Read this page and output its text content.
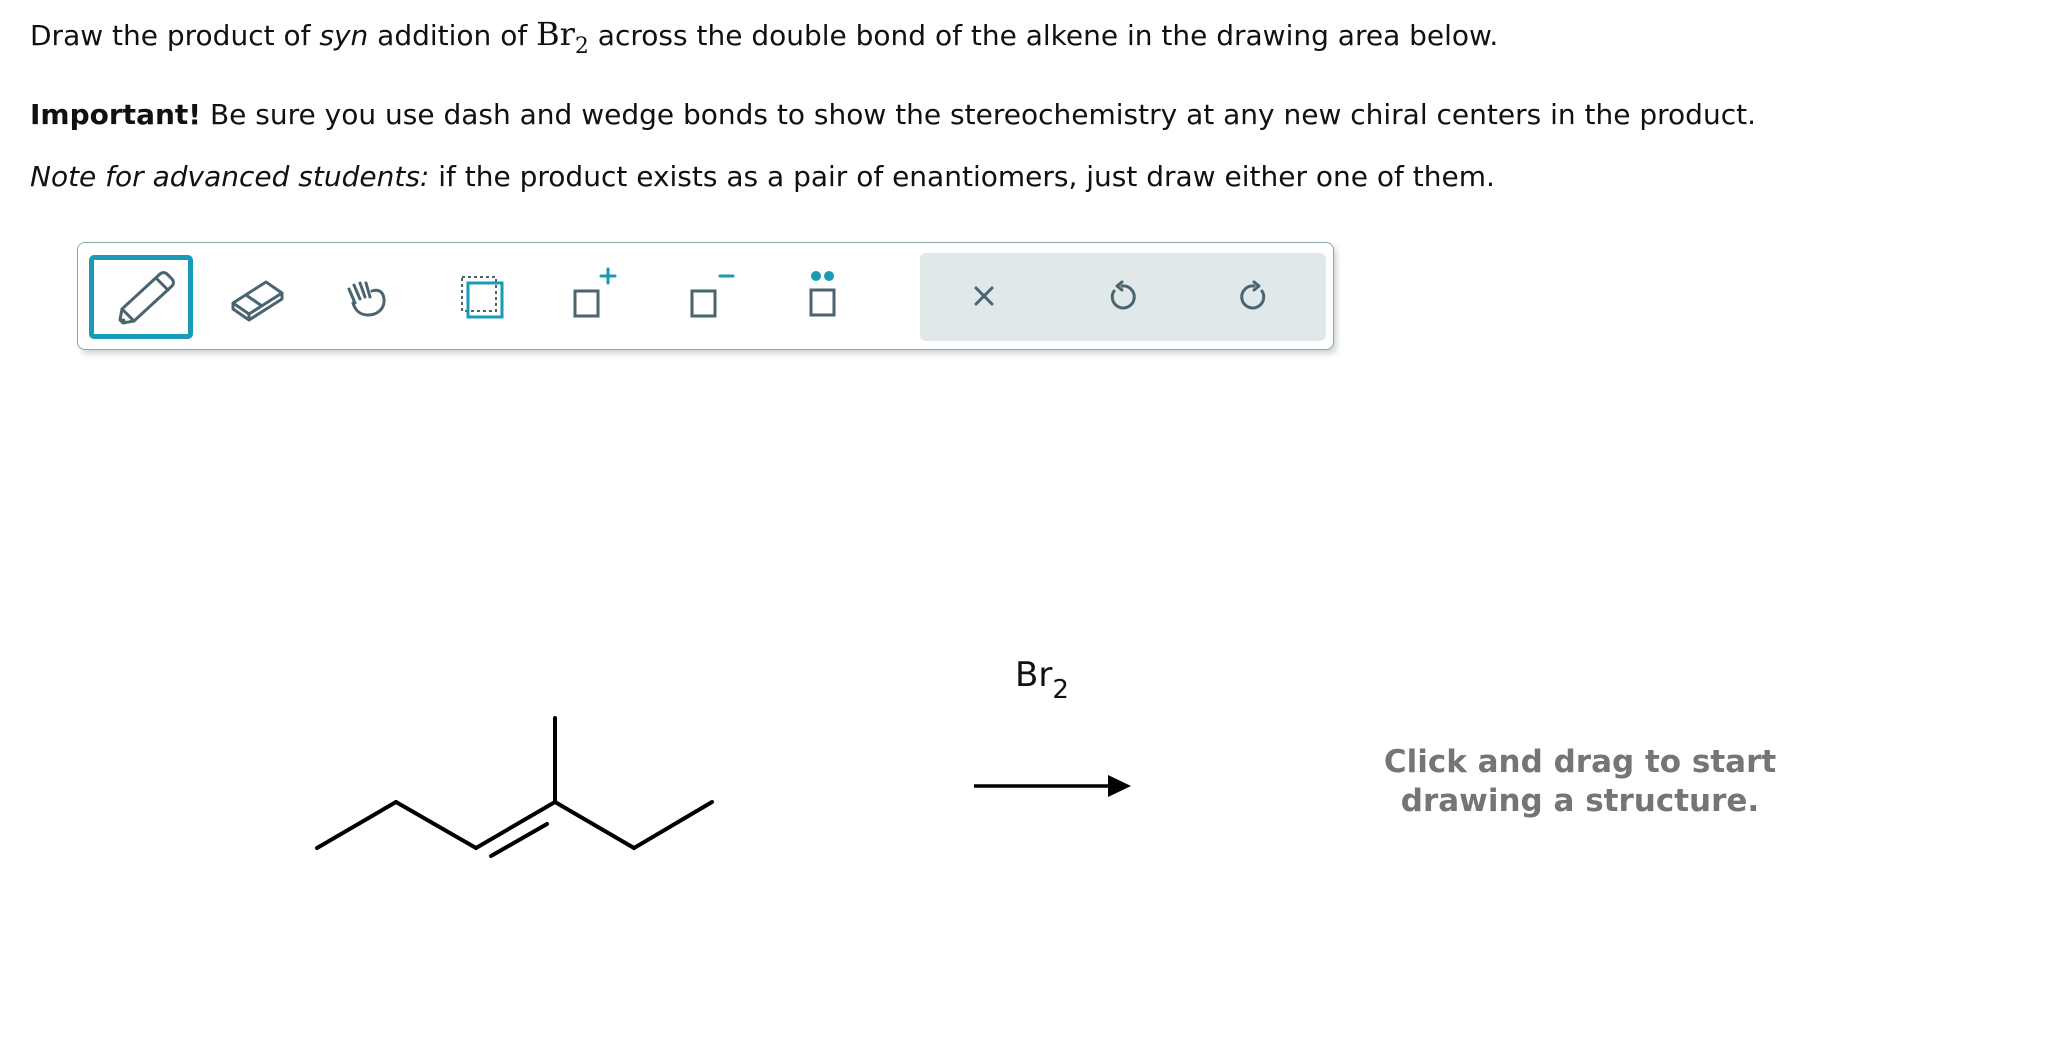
Draw the product of syn addition of $Br_2$ across the double bond of the alkene in the drawing area below.
Important! Be sure you use dash and wedge bonds to show the stereochemistry at any new chiral centers in the product.
Note for advanced students: if the product exists as a pair of enantiomers, just draw either one of them.
$Br_2$
Click and drag to start
drawing a structure.
